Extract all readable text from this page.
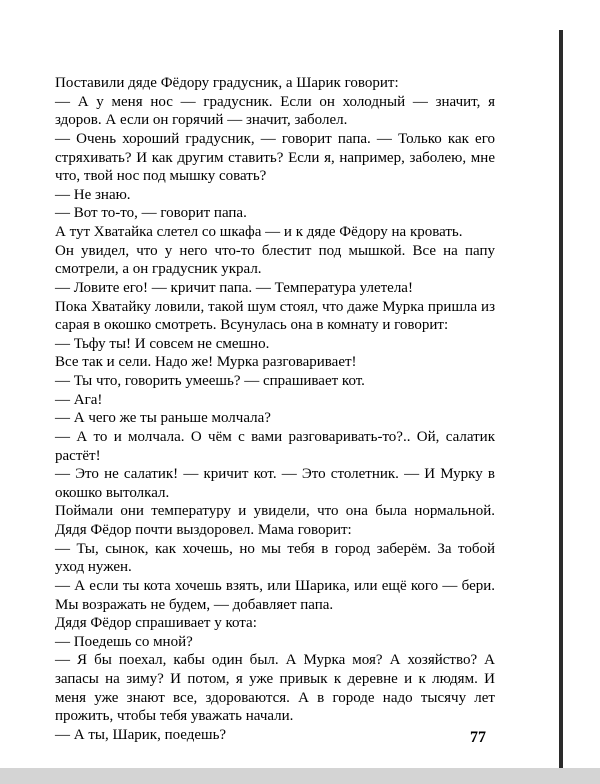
Поставили дяде Фёдору градусник, а Шарик говорит:

— А у меня нос — градусник. Если он холодный — значит, я здоров. А если он горячий — значит, заболел.

— Очень хороший градусник, — говорит папа. — Только как его стряхивать? И как другим ставить? Если я, например, заболею, мне что, твой нос под мышку совать?

— Не знаю.

— Вот то-то, — говорит папа.

А тут Хватайка слетел со шкафа — и к дяде Фёдору на кровать.

Он увидел, что у него что-то блестит под мышкой. Все на папу смотрели, а он градусник украл.

— Ловите его! — кричит папа. — Температура улетела!

Пока Хватайку ловили, такой шум стоял, что даже Мурка пришла из сарая в окошко смотреть. Всунулась она в комнату и говорит:

— Тьфу ты! И совсем не смешно.

Все так и сели. Надо же! Мурка разговаривает!

— Ты что, говорить умеешь? — спрашивает кот.

— Ага!

— А чего же ты раньше молчала?

— А то и молчала. О чём с вами разговаривать-то?.. Ой, салатик растёт!

— Это не салатик! — кричит кот. — Это столетник. — И Мурку в окошко вытолкал.

Поймали они температуру и увидели, что она была нормальной. Дядя Фёдор почти выздоровел. Мама говорит:

— Ты, сынок, как хочешь, но мы тебя в город заберём. За тобой уход нужен.

— А если ты кота хочешь взять, или Шарика, или ещё кого — бери. Мы возражать не будем, — добавляет папа.

Дядя Фёдор спрашивает у кота:

— Поедешь со мной?

— Я бы поехал, кабы один был. А Мурка моя? А хозяйство? А запасы на зиму? И потом, я уже привык к деревне и к людям. И меня уже знают все, здороваются. А в городе надо тысячу лет прожить, чтобы тебя уважать начали.

— А ты, Шарик, поедешь?	77
